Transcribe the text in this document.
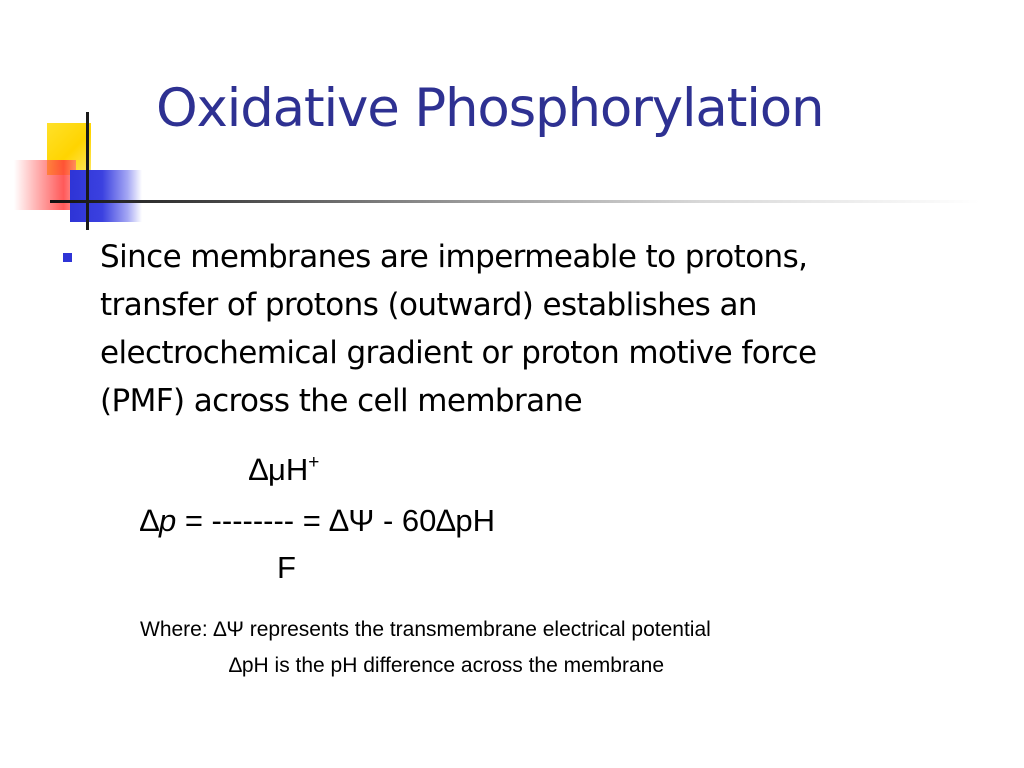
Oxidative Phosphorylation

Since membranes are impermeable to protons,
transfer of protons (outward) establishes an
electrochemical gradient or proton motive force
(PMF) across the cell membrane

∆μH+

∆p = -------- = ∆Ψ - 60∆pH

F

Where: ∆Ψ represents the transmembrane electrical potential

∆pH is the pH difference across the membrane
